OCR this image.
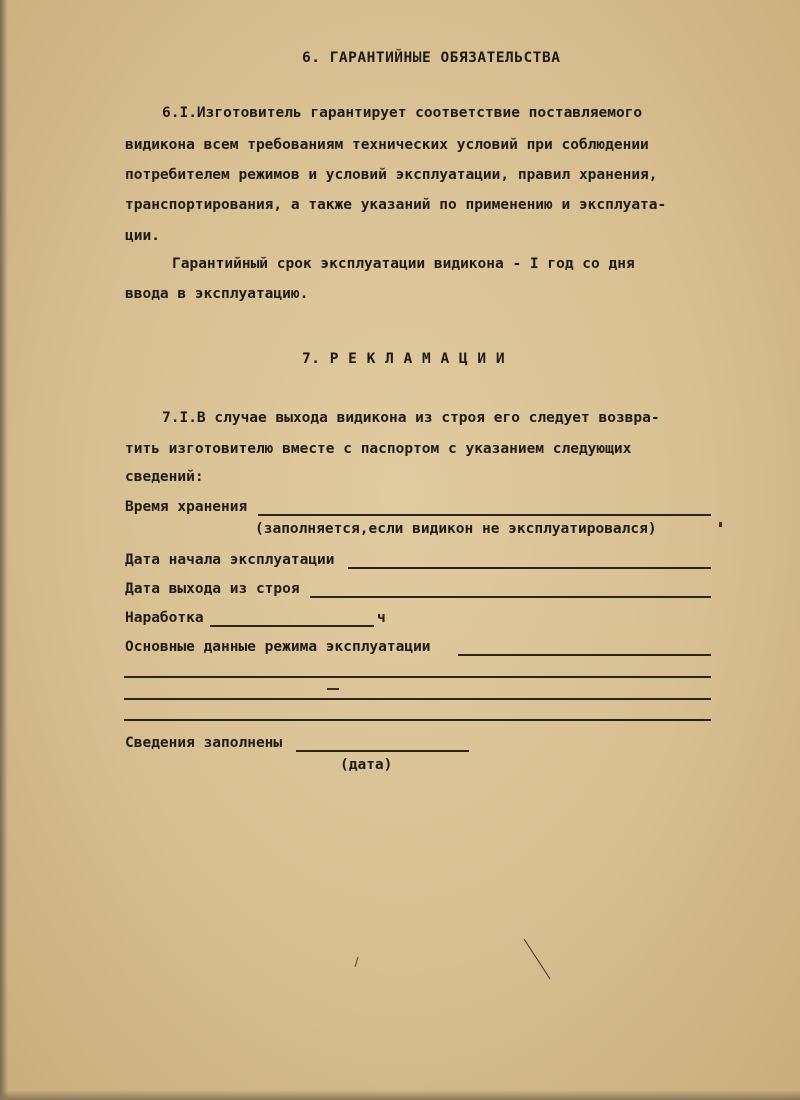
6. ГАРАНТИЙНЫЕ ОБЯЗАТЕЛЬСТВА
6.I.Изготовитель гарантирует соответствие поставляемого
видикона всем требованиям технических условий при соблюдении
потребителем режимов и условий эксплуатации, правил хранения,
транспортирования, а также указаний по применению и эксплуата-
ции.
Гарантийный срок эксплуатации видикона - I год со дня
ввода в эксплуатацию.
7. Р Е К Л А М А Ц И И
7.I.В случае выхода видикона из строя его следует возвра-
тить изготовителю вместе с паспортом с указанием следующих
сведений:
Время хранения
(заполняется,если видикон не эксплуатировался)
Дата начала эксплуатации
Дата выхода из строя
Наработка	ч
Основные данные режима эксплуатации
Сведения заполнены
(дата)
